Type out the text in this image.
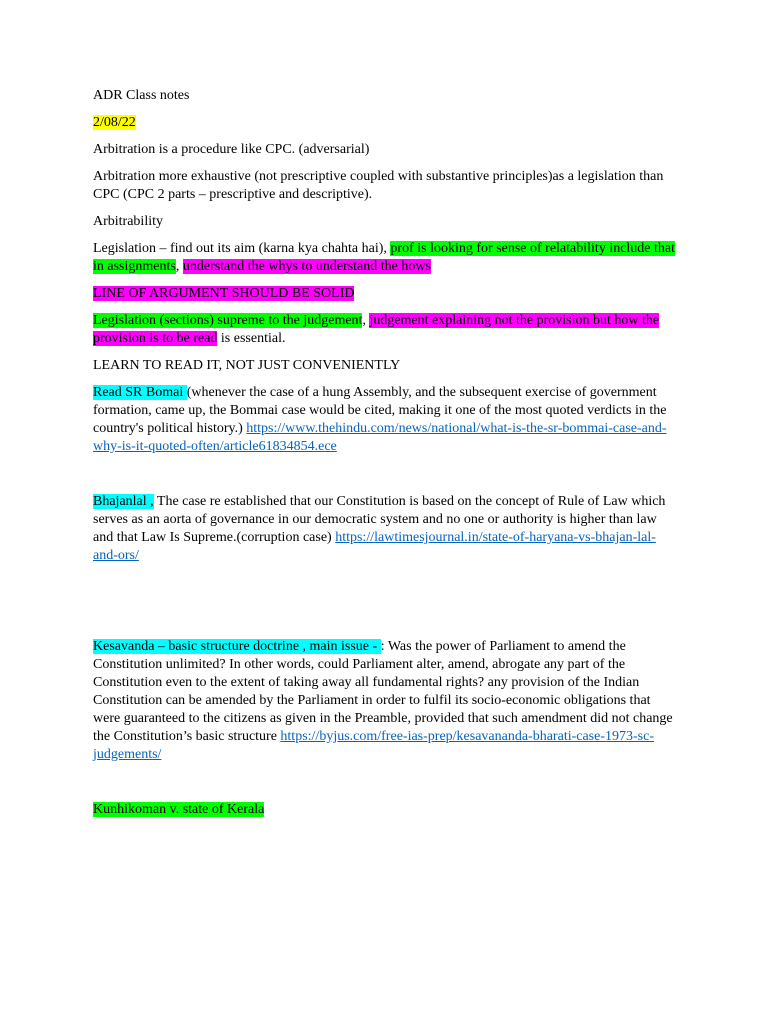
ADR Class notes

2/08/22

Arbitration is a procedure like CPC. (adversarial)

Arbitration more exhaustive (not prescriptive coupled with substantive principles)as a legislation than CPC (CPC 2 parts – prescriptive and descriptive).

Arbitrability

Legislation – find out its aim (karna kya chahta hai), prof is looking for sense of relatability include that in assignments, understand the whys to understand the hows

LINE OF ARGUMENT SHOULD BE SOLID

Legislation (sections) supreme to the judgement, judgement explaining not the provision but how the provision is to be read is essential.

LEARN TO READ IT, NOT JUST CONVENIENTLY

Read SR Bomai (whenever the case of a hung Assembly, and the subsequent exercise of government formation, came up, the Bommai case would be cited, making it one of the most quoted verdicts in the country's political history.) https://www.thehindu.com/news/national/what-is-the-sr-bommai-case-and-why-is-it-quoted-often/article61834854.ece

Bhajanlal , The case re established that our Constitution is based on the concept of Rule of Law which serves as an aorta of governance in our democratic system and no one or authority is higher than law and that Law Is Supreme.(corruption case) https://lawtimesjournal.in/state-of-haryana-vs-bhajan-lal-and-ors/

Kesavanda – basic structure doctrine , main issue - : Was the power of Parliament to amend the Constitution unlimited? In other words, could Parliament alter, amend, abrogate any part of the Constitution even to the extent of taking away all fundamental rights? any provision of the Indian Constitution can be amended by the Parliament in order to fulfil its socio-economic obligations that were guaranteed to the citizens as given in the Preamble, provided that such amendment did not change the Constitution’s basic structure https://byjus.com/free-ias-prep/kesavananda-bharati-case-1973-sc-judgements/

Kunhikoman v. state of Kerala
